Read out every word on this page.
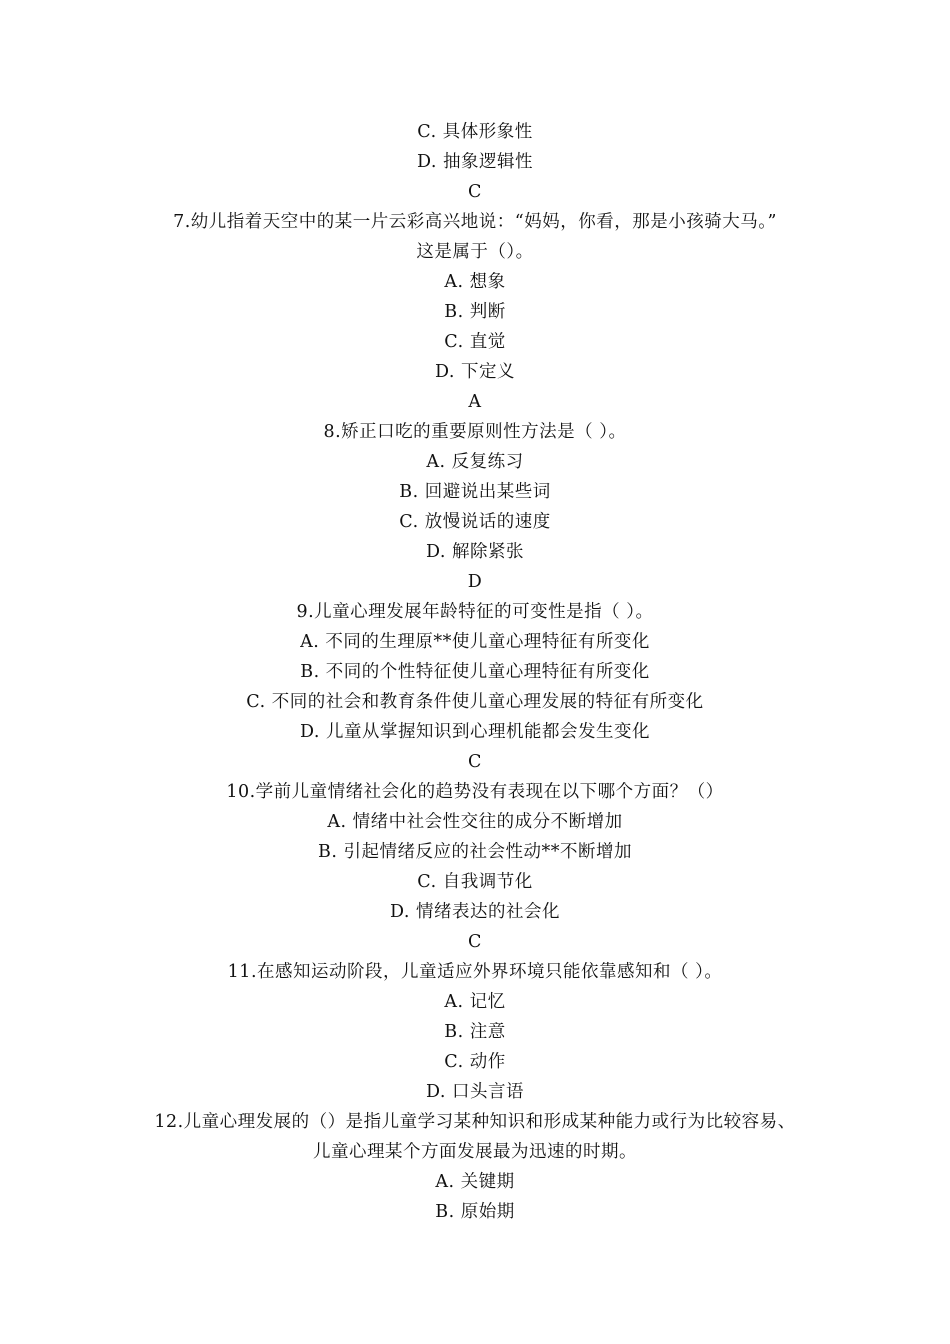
C. 具体形象性
D. 抽象逻辑性
C
7.幼儿指着天空中的某一片云彩高兴地说：“妈妈，你看，那是小孩骑大马。”
这是属于（）。
A. 想象
B. 判断
C. 直觉
D. 下定义
A
8.矫正口吃的重要原则性方法是（ ）。
A. 反复练习
B. 回避说出某些词
C. 放慢说话的速度
D. 解除紧张
D
9.儿童心理发展年龄特征的可变性是指（ ）。
A. 不同的生理原**使儿童心理特征有所变化
B. 不同的个性特征使儿童心理特征有所变化
C. 不同的社会和教育条件使儿童心理发展的特征有所变化
D. 儿童从掌握知识到心理机能都会发生变化
C
10.学前儿童情绪社会化的趋势没有表现在以下哪个方面？（）
A. 情绪中社会性交往的成分不断增加
B. 引起情绪反应的社会性动**不断增加
C. 自我调节化
D. 情绪表达的社会化
C
11.在感知运动阶段，儿童适应外界环境只能依靠感知和（ ）。
A. 记忆
B. 注意
C. 动作
D. 口头言语
12.儿童心理发展的（）是指儿童学习某种知识和形成某种能力或行为比较容易、
儿童心理某个方面发展最为迅速的时期。
A. 关键期
B. 原始期
